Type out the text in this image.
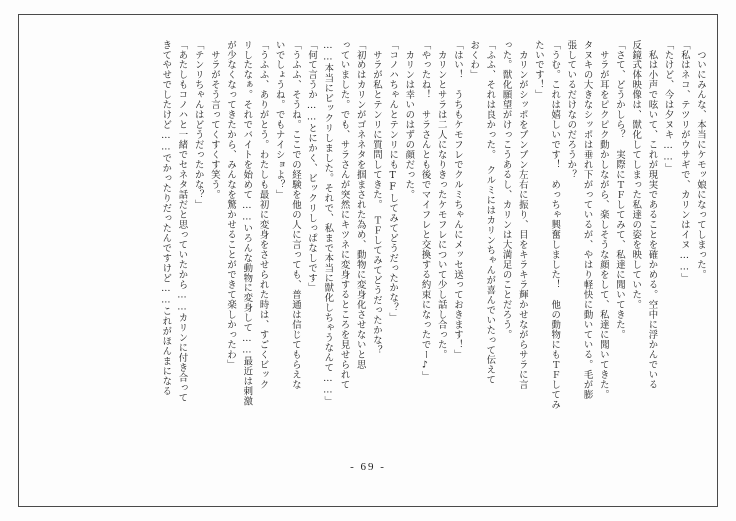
　ついにみんな、本当にケモッ娘になってしまった。
「私はネコ、テツリがウサギで、カリンはイヌ……」
「たけど、今は夕ヌキ……」
　私は小声で呟いて、これが現実であることを確かめる。空中に浮かんでいる
反鏡式体映像は、獣化してしまった私達の姿を映していた。
「さて、どうかしら？　実際にＴＦしてみて、私達に聞いてきた。
　サラが耳をピクピク動かしながら、楽しそうな顔をして、私達に聞いてきた。
タヌキの大きなシッポは垂れ下がっているが、やはり軽快に動いている。毛が膨
張しているだけなのだろうか？
「うむ。これは嬉しいです！　めっちゃ興奮しました！　他の動物にもＴＦしてみ
たいです！」
　カリンがシッポをブンブン左右に振り、目をキラキラ輝かせながらサラに言
った。獣化願望がけっこうあるし、カリンは大満足のことだろう。
「ふふ、それは良かった。　クルミにはカリンちゃんが喜んでいたって伝えて
おくわ」
「はい！　うちもケモフレでクルミちゃんにメッセ送っておきます！」
　カリンとサラは二人になりきったケモフレについて少し話し合った。
「やったね！　サラさんとも後でマイフレと交換する約束になったでー♪」
　カリンは幸いのはずの顔だった。
「コノハちゃんとテンリにもTFしてみてどうだったかな？」
　サラが私とテンリに質問してきた。　ＴＦしてみてどうだったかな？
「初めはカリンがゴネネタを掴まされた為め、動物に変身化させないと思
っていました。でも、サラさんが突然にキツネに変身するところを見せられて
……本当にビックリしました。それで、私まで本当に獣化しちゃうなんて……」
「何て言うか……とにかく、ビックリしっぱなしです」
「うふふ、そうね。ここでの経験を他の人に言っても、普通は信じてもらえな
いでしょうね。でもナイショよ？」
「うふふ、ありがとう。わたしも最初に変身をさせられた時は、すごくビック
リしたなぁ。それでバイトを始めて……いろんな動物に変身して……最近は刺激
が少なくなってきたから、みんなを驚かせることができて楽しかったわ」
　サラがそう言ってくすくす笑う。
「テンリちゃんはどうだったかな？」
「あたしもコノハと一緒でセネタ話だと思っていたから……カリンに付き合って
きてやせでしたけど……でかったりだったんですけど……これがほんまになる
- 69 -
